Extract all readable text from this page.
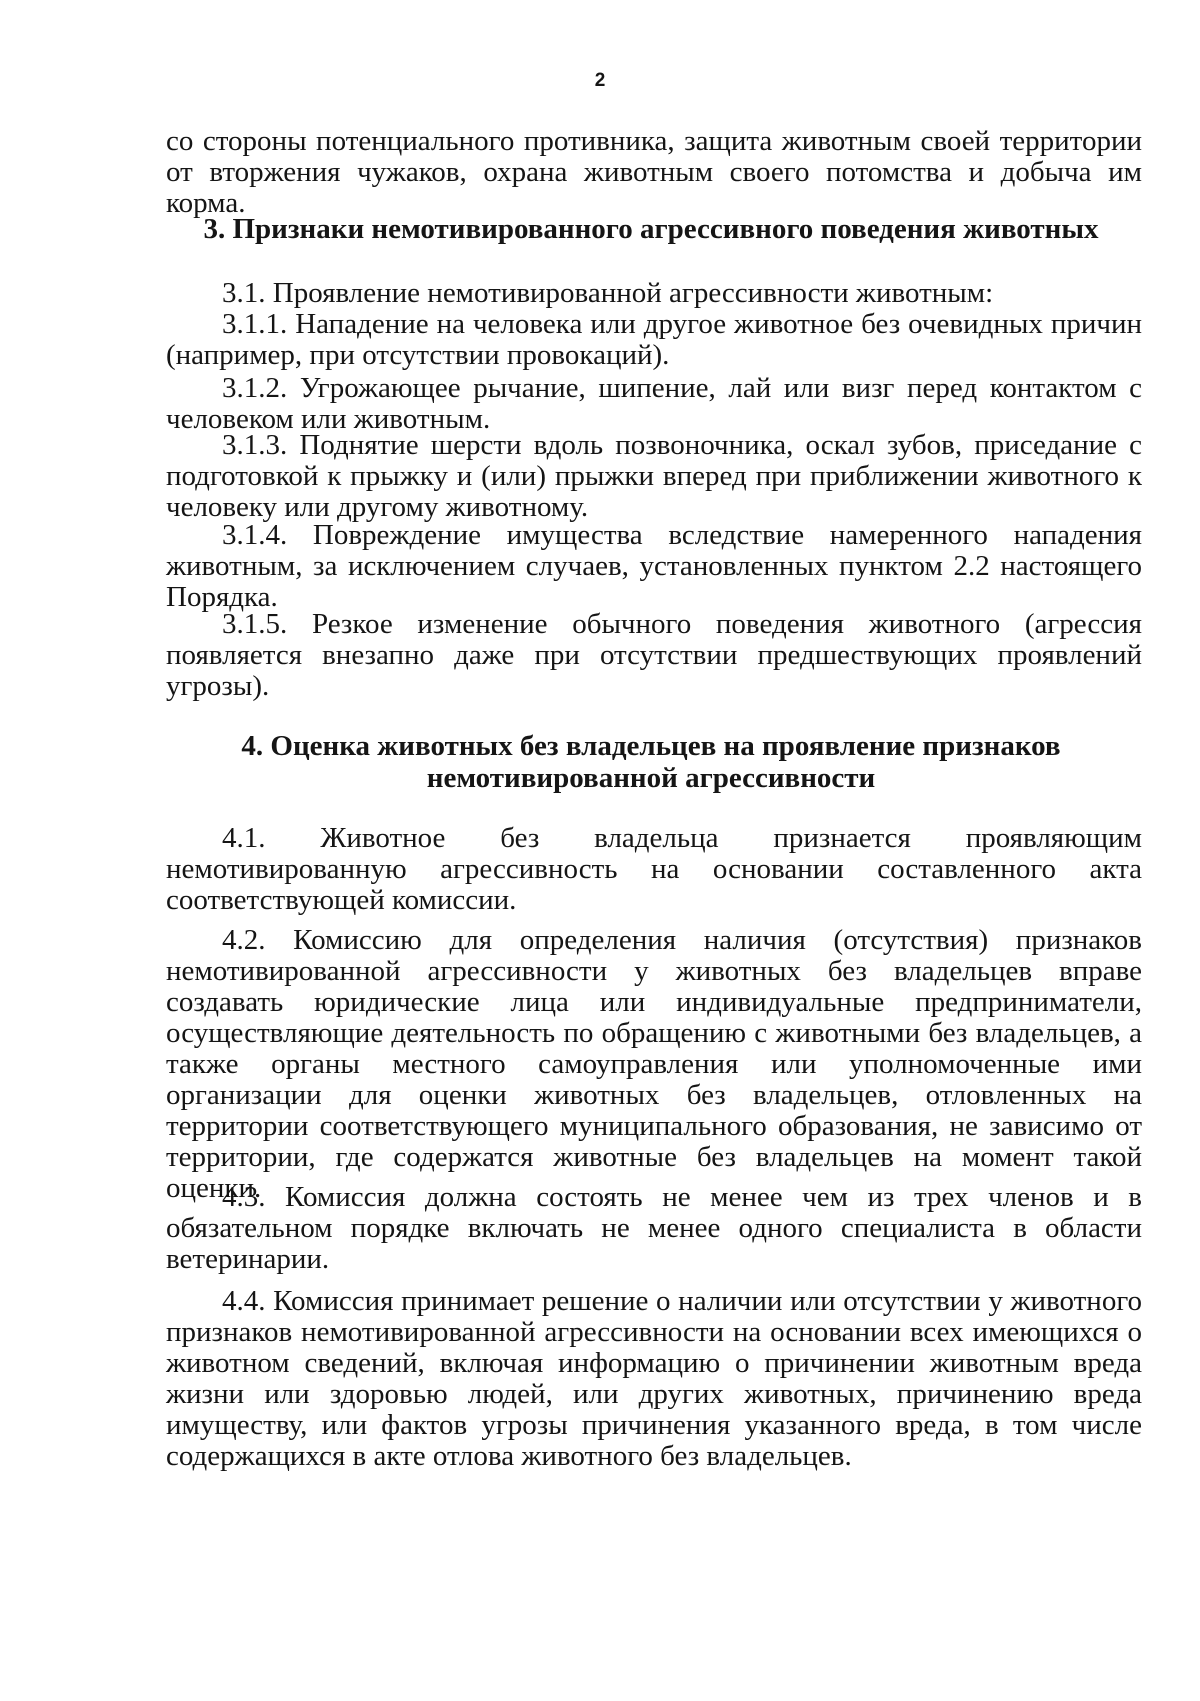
2
со стороны потенциального противника, защита животным своей территории от вторжения чужаков, охрана животным своего потомства и добыча им корма.
3. Признаки немотивированного агрессивного поведения животных
3.1. Проявление немотивированной агрессивности животным:
3.1.1. Нападение на человека или другое животное без очевидных причин (например, при отсутствии провокаций).
3.1.2. Угрожающее рычание, шипение, лай или визг перед контактом с человеком или животным.
3.1.3. Поднятие шерсти вдоль позвоночника, оскал зубов, приседание с подготовкой к прыжку и (или) прыжки вперед при приближении животного к человеку или другому животному.
3.1.4. Повреждение имущества вследствие намеренного нападения животным, за исключением случаев, установленных пунктом 2.2 настоящего Порядка.
3.1.5. Резкое изменение обычного поведения животного (агрессия появляется внезапно даже при отсутствии предшествующих проявлений угрозы).
4. Оценка животных без владельцев на проявление признаков
немотивированной агрессивности
4.1. Животное без владельца признается проявляющим немотивированную агрессивность на основании составленного акта соответствующей комиссии.
4.2. Комиссию для определения наличия (отсутствия) признаков немотивированной агрессивности у животных без владельцев вправе создавать юридические лица или индивидуальные предприниматели, осуществляющие деятельность по обращению с животными без владельцев, а также органы местного самоуправления или уполномоченные ими организации для оценки животных без владельцев, отловленных на территории соответствующего муниципального образования, не зависимо от территории, где содержатся животные без владельцев на момент такой оценки.
4.3. Комиссия должна состоять не менее чем из трех членов и в обязательном порядке включать не менее одного специалиста в области ветеринарии.
4.4. Комиссия принимает решение о наличии или отсутствии у животного признаков немотивированной агрессивности на основании всех имеющихся о животном сведений, включая информацию о причинении животным вреда жизни или здоровью людей, или других животных, причинению вреда имуществу, или фактов угрозы причинения указанного вреда, в том числе содержащихся в акте отлова животного без владельцев.
